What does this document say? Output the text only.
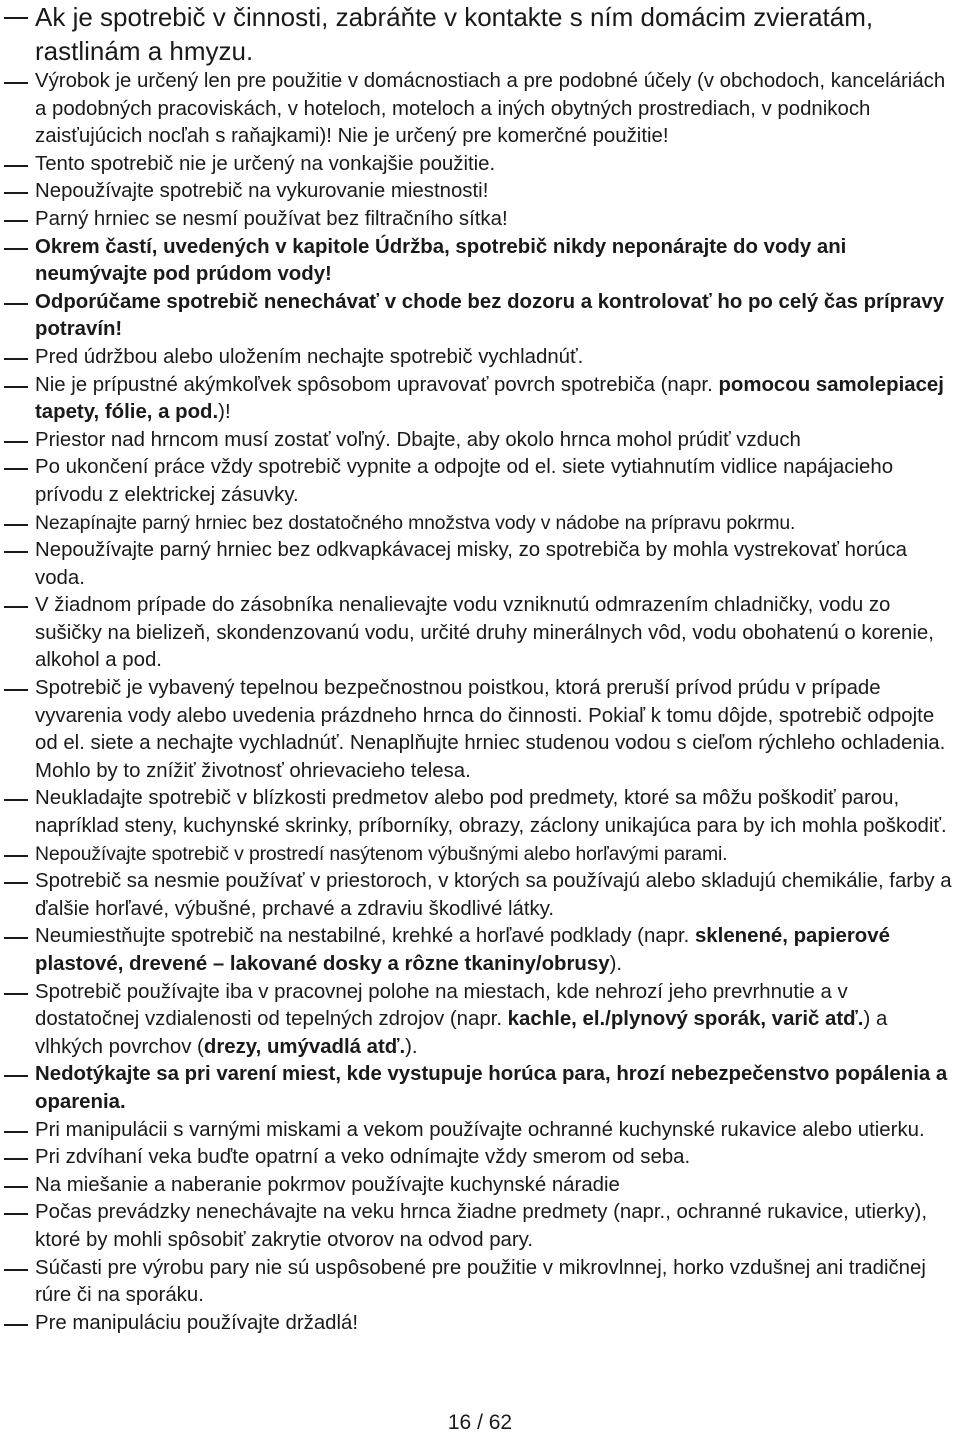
Ak je spotrebič v činnosti, zabráňte v kontakte s ním domácim zvieratám, rastlinám a hmyzu.
Výrobok je určený len pre použitie v domácnostiach a pre podobné účely (v obchodoch, kanceláriách a podobných pracoviskách, v hoteloch, moteloch a iných obytných prostrediach, v podnikoch zaisťujúcich nocľah s raňajkami)! Nie je určený pre komerčné použitie!
Tento spotrebič nie je určený na vonkajšie použitie.
Nepoužívajte spotrebič na vykurovanie miestnosti!
Parný hrniec se nesmí používat bez filtračního sítka!
Okrem častí, uvedených v kapitole Údržba, spotrebič nikdy neponárajte do vody ani neumývajte pod prúdom vody!
Odporúčame spotrebič nenechávať v chode bez dozoru a kontrolovať ho po celý čas prípravy potravín!
Pred údržbou alebo uložením nechajte spotrebič vychladnúť.
Nie je prípustné akýmkoľvek spôsobom upravovať povrch spotrebiča (napr. pomocou samolepiacej tapety, fólie, a pod.)!
Priestor nad hrncom musí zostať voľný. Dbajte, aby okolo hrnca mohol prúdiť vzduch
Po ukončení práce vždy spotrebič vypnite a odpojte od el. siete vytiahnutím vidlice napájacieho prívodu z elektrickej zásuvky.
Nezapínajte parný hrniec bez dostatočného množstva vody v nádobe na prípravu pokrmu.
Nepoužívajte parný hrniec bez odkvapkávacej misky, zo spotrebiča by mohla vystrekovať horúca voda.
V žiadnom prípade do zásobníka nenalievajte vodu vzniknutú odmrazením chladničky, vodu zo sušičky na bielizeň, skondenzovanú vodu, určité druhy minerálnych vôd, vodu obohatenú o korenie, alkohol a pod.
Spotrebič je vybavený tepelnou bezpečnostnou poistkou, ktorá preruší prívod prúdu v prípade vyvarenia vody alebo uvedenia prázdneho hrnca do činnosti. Pokiaľ k tomu dôjde, spotrebič odpojte od el. siete a nechajte vychladnúť. Nenaplňujte hrniec studenou vodou s cieľom rýchleho ochladenia. Mohlo by to znížiť životnosť ohrievacieho telesa.
Neukladajte spotrebič v blízkosti predmetov alebo pod predmety, ktoré sa môžu poškodiť parou, napríklad steny, kuchynské skrinky, príborníky, obrazy, záclony unikajúca para by ich mohla poškodiť.
Nepoužívajte spotrebič v prostredí nasýtenom výbušnými alebo horľavými parami.
Spotrebič sa nesmie používať v priestoroch, v ktorých sa používajú alebo skladujú chemikálie, farby a ďalšie horľavé, výbušné, prchavé a zdraviu škodlivé látky.
Neumiestňujte spotrebič na nestabilné, krehké a horľavé podklady (napr. sklenené, papierové plastové, drevené – lakované dosky a rôzne tkaniny/obrusy).
Spotrebič používajte iba v pracovnej polohe na miestach, kde nehrozí jeho prevrhnutie a v dostatočnej vzdialenosti od tepelných zdrojov (napr. kachle, el./plynový sporák, varič atď.) a vlhkých povrchov (drezy, umývadlá atď.).
Nedotýkajte sa pri varení miest, kde vystupuje horúca para, hrozí nebezpečenstvo popálenia a oparenia.
Pri manipulácii s varnými miskami a vekom používajte ochranné kuchynské rukavice alebo utierku.
Pri zdvíhaní veka buďte opatrní a veko odnímajte vždy smerom od seba.
Na miešanie a naberanie pokrmov používajte kuchynské náradie
Počas prevádzky nenechávajte na veku hrnca žiadne predmety (napr., ochranné rukavice, utierky), ktoré by mohli spôsobiť zakrytie otvorov na odvod pary.
Súčasti pre výrobu pary nie sú uspôsobené pre použitie v mikrovlnnej, horko vzdušnej ani tradičnej rúre či na sporáku.
Pre manipuláciu používajte držadlá!
16 / 62
